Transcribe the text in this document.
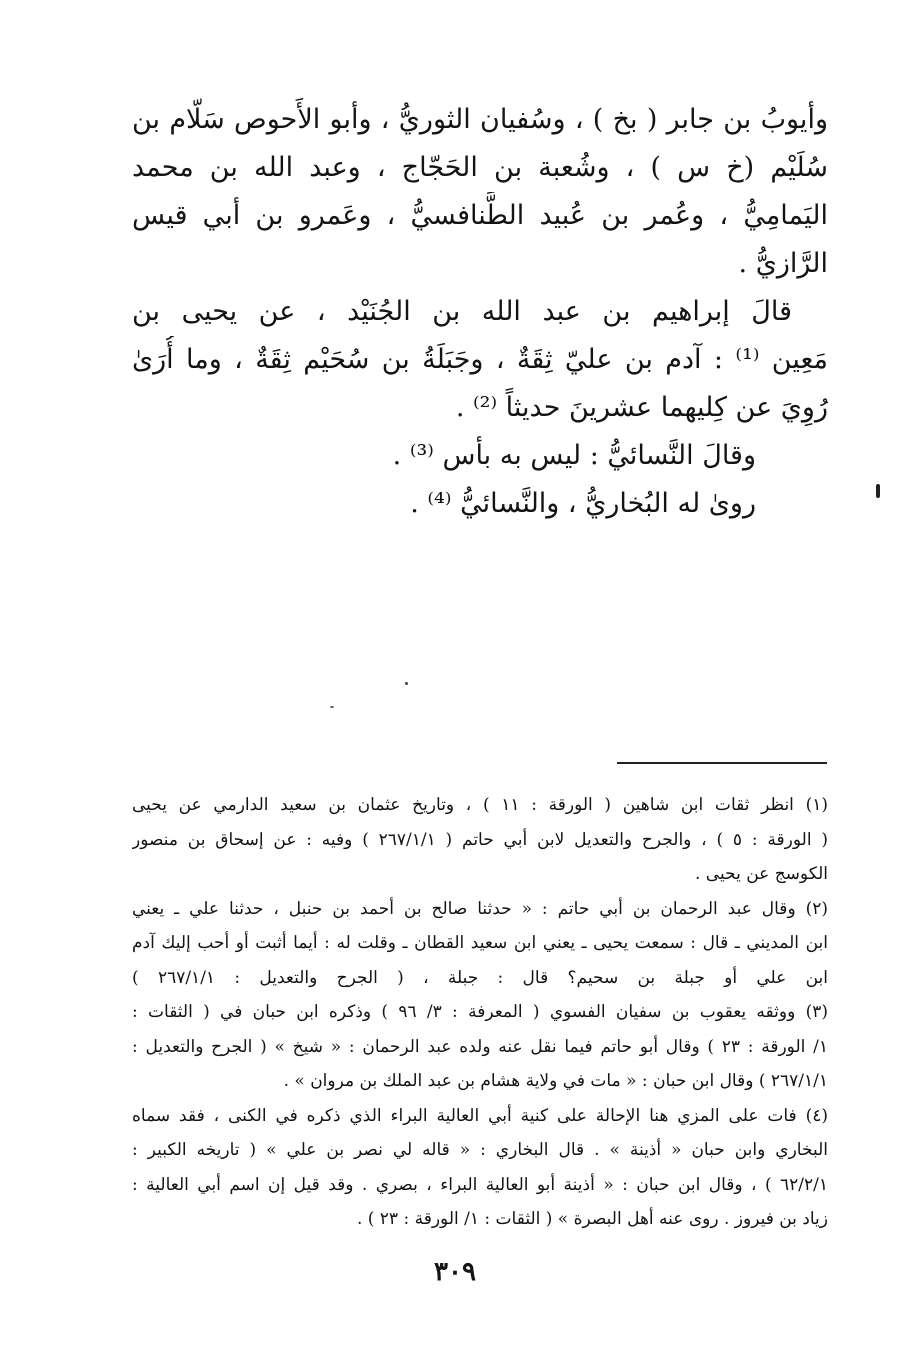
وأيوبُ بن جابر ( بخ ) ، وسُفيان الثوريُّ ، وأبو الأَحوص سَلّام بن
سُلَيْم (خ س ) ، وشُعبة بن الحَجّاج ، وعبد الله بن محمد
اليَمامِيُّ ، وعُمر بن عُبيد الطَّنافسيُّ ، وعَمرو بن أبي قيس
الرَّازيُّ .
قالَ إبراهيم بن عبد الله بن الجُنَيْد ، عن يحيى بن
مَعِين ⁽¹⁾ : آدم بن عليّ ثِقَةٌ ، وجَبَلَةُ بن سُحَيْم ثِقَةٌ ، وما أُرَىٰ
رُوِيَ عن كِليهما عشرينَ حديثاً ⁽²⁾ .
وقالَ النَّسائيُّ : ليس به بأس ⁽³⁾ .
روىٰ له البُخاريُّ ، والنَّسائيُّ ⁽⁴⁾ .
(١) انظر ثقات ابن شاهين ( الورقة : ١١ ) ، وتاريخ عثمان بن سعيد الدارمي عن يحيى
( الورقة : ٥ ) ، والجرح والتعديل لابن أبي حاتم ( ٢٦٧/١/١ ) وفيه : عن إسحاق بن منصور
الكوسج عن يحيى .
(٢) وقال عبد الرحمان بن أبي حاتم : « حدثنا صالح بن أحمد بن حنبل ، حدثنا علي ـ يعني
ابن المديني ـ قال : سمعت يحيى ـ يعني ابن سعيد القطان ـ وقلت له : أيما أثبت أو أحب إليك آدم
ابن علي أو جبلة بن سحيم؟ قال : جبلة ، ( الجرح والتعديل : ٢٦٧/١/١ )
(٣) ووثقه يعقوب بن سفيان الفسوي ( المعرفة : ٣/ ٩٦ ) وذكره ابن حبان في ( الثقات :
١/ الورقة : ٢٣ ) وقال أبو حاتم فيما نقل عنه ولده عبد الرحمان : « شيخ » ( الجرح والتعديل :
٢٦٧/١/١ ) وقال ابن حبان : « مات في ولاية هشام بن عبد الملك بن مروان » .
(٤) فات على المزي هنا الإحالة على كنية أبي العالية البراء الذي ذكره في الكنى ، فقد سماه
البخاري وابن حبان « أذينة » . قال البخاري : « قاله لي نصر بن علي » ( تاريخه الكبير :
٦٢/٢/١ ) ، وقال ابن حبان : « أذينة أبو العالية البراء ، بصري . وقد قيل إن اسم أبي العالية :
زياد بن فيروز . روى عنه أهل البصرة » ( الثقات : ١/ الورقة : ٢٣ ) .
٣٠٩
